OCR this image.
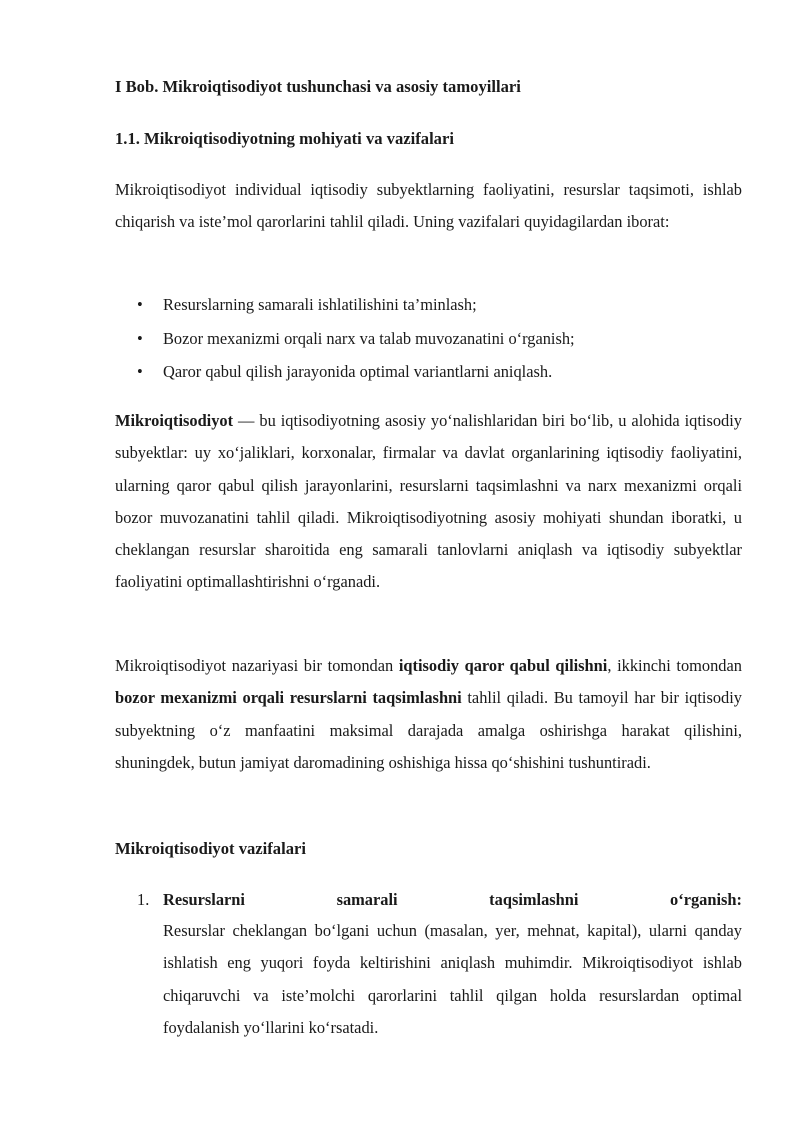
I Bob. Mikroiqtisodiyot tushunchasi va asosiy tamoyillari

1.1. Mikroiqtisodiyotning mohiyati va vazifalari

Mikroiqtisodiyot individual iqtisodiy subyektlarning faoliyatini, resurslar taqsimoti, ishlab chiqarish va iste’mol qarorlarini tahlil qiladi. Uning vazifalari quyidagilardan iborat:

• Resurslarning samarali ishlatilishini ta’minlash;
• Bozor mexanizmi orqali narx va talab muvozanatini o‘rganish;
• Qaror qabul qilish jarayonida optimal variantlarni aniqlash.

Mikroiqtisodiyot — bu iqtisodiyotning asosiy yo‘nalishlaridan biri bo‘lib, u alohida iqtisodiy subyektlar: uy xo‘jaliklari, korxonalar, firmalar va davlat organlarining iqtisodiy faoliyatini, ularning qaror qabul qilish jarayonlarini, resurslarni taqsimlashni va narx mexanizmi orqali bozor muvozanatini tahlil qiladi. Mikroiqtisodiyotning asosiy mohiyati shundan iboratki, u cheklangan resurslar sharoitida eng samarali tanlovlarni aniqlash va iqtisodiy subyektlar faoliyatini optimallashtirishni o‘rganadi.

Mikroiqtisodiyot nazariyasi bir tomondan iqtisodiy qaror qabul qilishni, ikkinchi tomondan bozor mexanizmi orqali resurslarni taqsimlashni tahlil qiladi. Bu tamoyil har bir iqtisodiy subyektning o‘z manfaatini maksimal darajada amalga oshirishga harakat qilishini, shuningdek, butun jamiyat daromadining oshishiga hissa qo‘shishini tushuntiradi.

Mikroiqtisodiyot vazifalari

1. Resurslarni	samarali	taqsimlashni	o‘rganish:
Resurslar cheklangan bo‘lgani uchun (masalan, yer, mehnat, kapital), ularni qanday ishlatish eng yuqori foyda keltirishini aniqlash muhimdir. Mikroiqtisodiyot ishlab chiqaruvchi va iste’molchi qarorlarini tahlil qilgan holda resurslardan optimal foydalanish yo‘llarini ko‘rsatadi.
